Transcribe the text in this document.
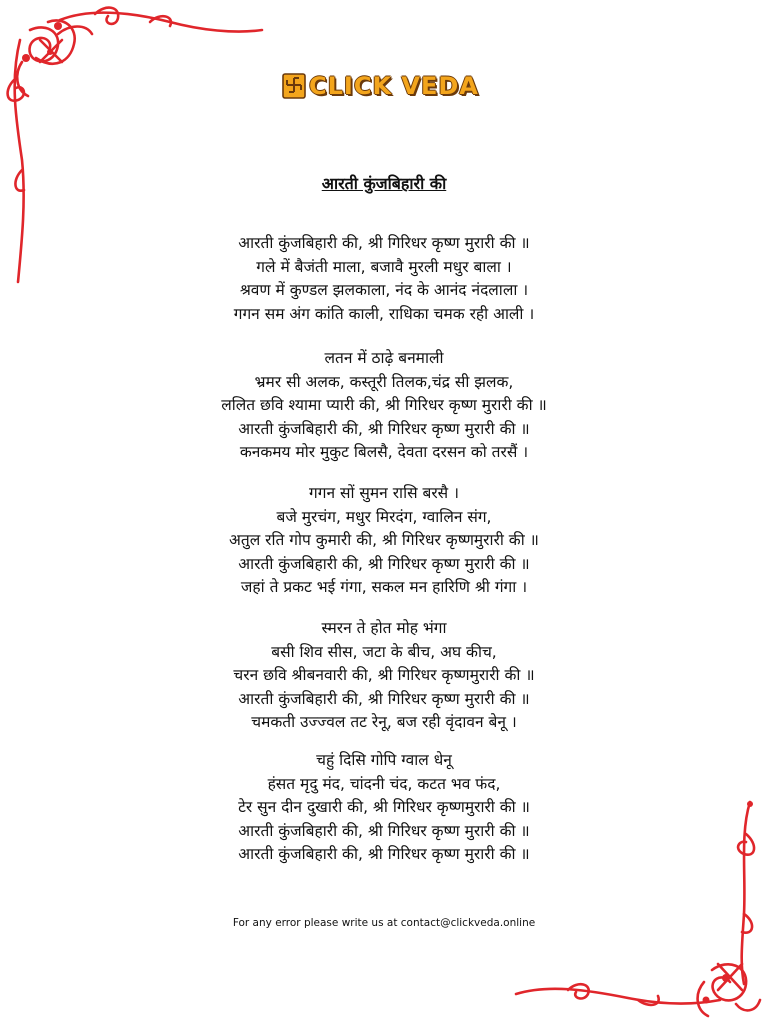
CLICK VEDA
आरती कुंजबिहारी की
आरती कुंजबिहारी की, श्री गिरिधर कृष्ण मुरारी की ॥
गले में बैजंती माला, बजावै मुरली मधुर बाला ।
श्रवण में कुण्डल झलकाला, नंद के आनंद नंदलाला ।
गगन सम अंग कांति काली, राधिका चमक रही आली ।
लतन में ठाढ़े बनमाली
भ्रमर सी अलक, कस्तूरी तिलक,चंद्र सी झलक,
ललित छवि श्यामा प्यारी की, श्री गिरिधर कृष्ण मुरारी की ॥
आरती कुंजबिहारी की, श्री गिरिधर कृष्ण मुरारी की ॥
कनकमय मोर मुकुट बिलसै, देवता दरसन को तरसैं ।
गगन सों सुमन रासि बरसै ।
बजे मुरचंग, मधुर मिरदंग, ग्वालिन संग,
अतुल रति गोप कुमारी की, श्री गिरिधर कृष्णमुरारी की ॥
आरती कुंजबिहारी की, श्री गिरिधर कृष्ण मुरारी की ॥
जहां ते प्रकट भई गंगा, सकल मन हारिणि श्री गंगा ।
स्मरन ते होत मोह भंगा
बसी शिव सीस, जटा के बीच, अघ कीच,
चरन छवि श्रीबनवारी की, श्री गिरिधर कृष्णमुरारी की ॥
आरती कुंजबिहारी की, श्री गिरिधर कृष्ण मुरारी की ॥
चमकती उज्ज्वल तट रेनू, बज रही वृंदावन बेनू ।
चहुं दिसि गोपि ग्वाल धेनू
हंसत मृदु मंद, चांदनी चंद, कटत भव फंद,
टेर सुन दीन दुखारी की, श्री गिरिधर कृष्णमुरारी की ॥
आरती कुंजबिहारी की, श्री गिरिधर कृष्ण मुरारी की ॥
आरती कुंजबिहारी की, श्री गिरिधर कृष्ण मुरारी की ॥
For any error please write us at contact@clickveda.online
